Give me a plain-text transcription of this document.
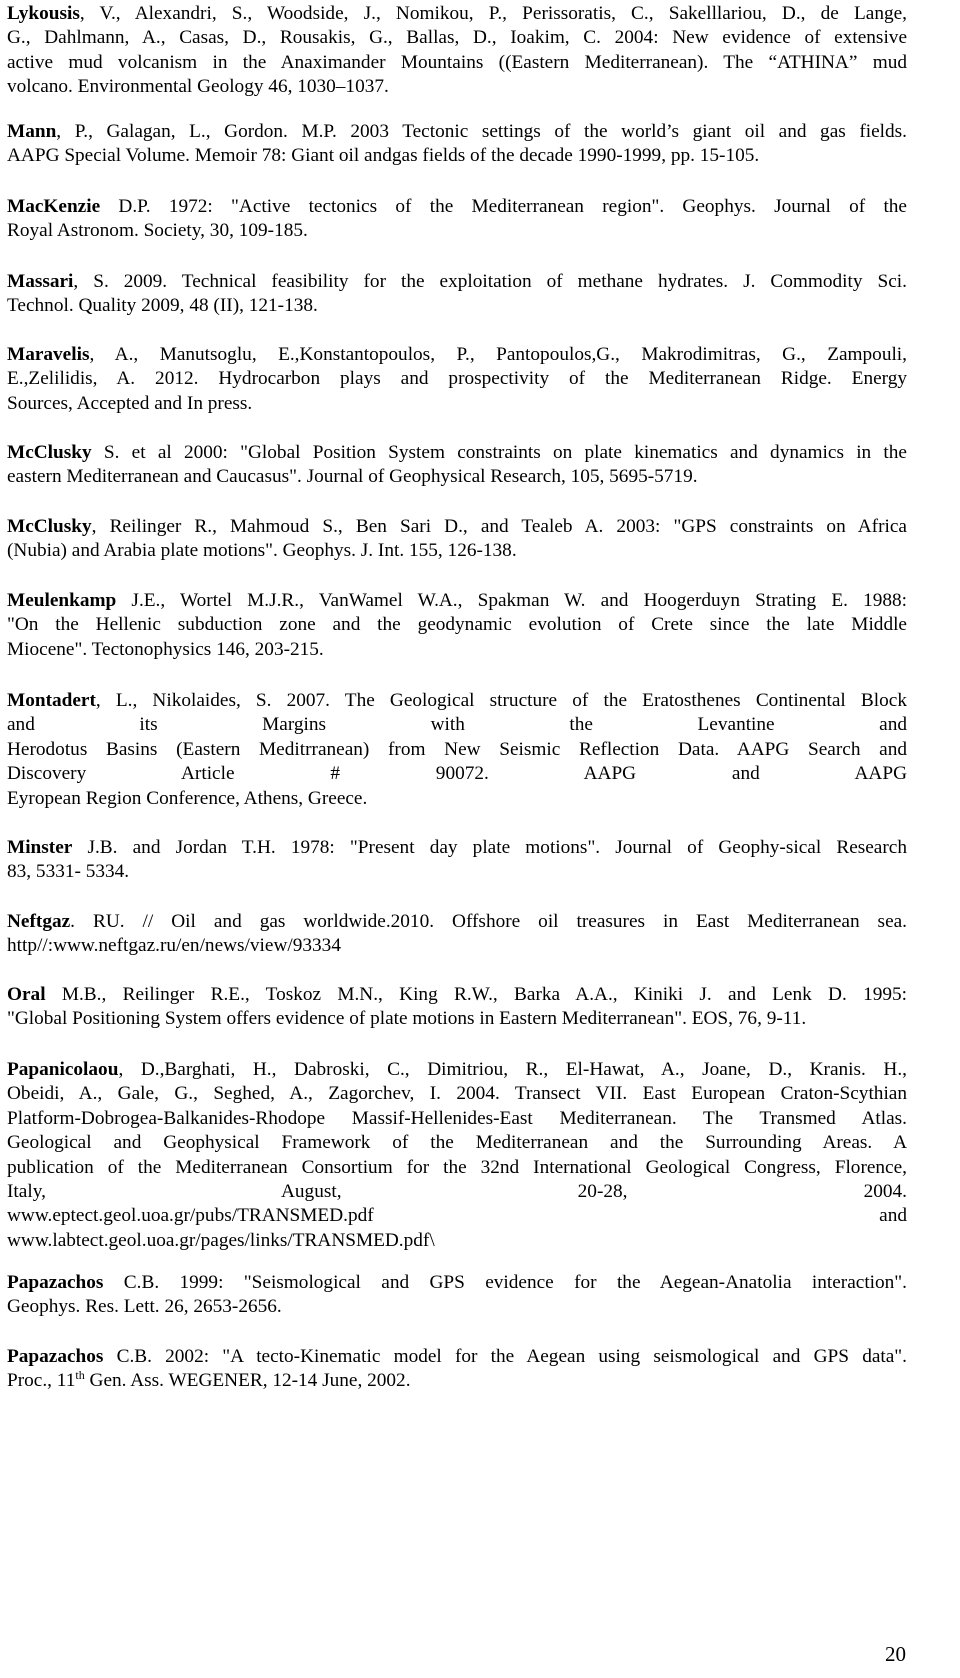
Lykousis, V., Alexandri, S., Woodside, J., Nomikou, P., Perissoratis, C., Sakelllariou, D., de Lange,
G., Dahlmann, A., Casas, D., Rousakis, G., Ballas, D., Ioakim, C. 2004: New evidence of extensive
active mud volcanism in the Anaximander Mountains ((Eastern Mediterranean). The “ATHINA” mud
volcano. Environmental Geology 46, 1030–1037.

Mann, P., Galagan, L., Gordon. M.P. 2003 Tectonic settings of the world’s giant oil and gas fields.
AAPG Special Volume. Memoir 78: Giant oil andgas fields of the decade 1990-1999, pp. 15-105.

MacKenzie D.P. 1972: "Active tectonics of the Mediterranean region". Geophys. Journal of the
Royal Astronom. Society, 30, 109-185.

Massari, S. 2009. Technical feasibility for the exploitation of methane hydrates. J. Commodity Sci.
Technol. Quality 2009, 48 (II), 121-138.

Maravelis, A., Manutsoglu, E.,Konstantopoulos, P., Pantopoulos,G., Makrodimitras, G., Zampouli,
E.,Zelilidis, A. 2012. Hydrocarbon plays and prospectivity of the Mediterranean Ridge. Energy
Sources, Accepted and In press.

McClusky S. et al 2000: "Global Position System constraints on plate kinematics and dynamics in the
eastern Mediterranean and Caucasus". Journal of Geophysical Research, 105, 5695-5719.

McClusky, Reilinger R., Mahmoud S., Ben Sari D., and Tealeb A. 2003: "GPS constraints on Africa
(Nubia) and Arabia plate motions". Geophys. J. Int. 155, 126-138.

Meulenkamp J.E., Wortel M.J.R., VanWamel W.A., Spakman W. and Hoogerduyn Strating E. 1988:
"On the Hellenic subduction zone and the geodynamic evolution of Crete since the late Middle
Miocene". Tectonophysics 146, 203-215.

Montadert, L., Nikolaides, S. 2007. The Geological structure of the Eratosthenes Continental Block
and its Margins with the Levantine and
Herodotus Basins (Eastern Meditrranean) from New Seismic Reflection Data. AAPG Search and
Discovery Article # 90072. AAPG and AAPG
Eyropean Region Conference, Athens, Greece.

Minster J.B. and Jordan T.H. 1978: "Present day plate motions". Journal of Geophy-sical Research
83, 5331- 5334.

Neftgaz. RU. // Oil and gas worldwide.2010. Offshore oil treasures in East Mediterranean sea.
http//:www.neftgaz.ru/en/news/view/93334

Oral M.B., Reilinger R.E., Toskoz M.N., King R.W., Barka A.A., Kiniki J. and Lenk D. 1995:
"Global Positioning System offers evidence of plate motions in Eastern Mediterranean". EOS, 76, 9-11.

Papanicolaou, D.,Barghati, H., Dabroski, C., Dimitriou, R., El-Hawat, A., Joane, D., Kranis. H.,
Obeidi, A., Gale, G., Seghed, A., Zagorchev, I. 2004. Transect VII. East European Craton-Scythian
Platform-Dobrogea-Balkanides-Rhodope Massif-Hellenides-East Mediterranean. The Transmed Atlas.
Geological and Geophysical Framework of the Mediterranean and the Surrounding Areas. A
publication of the Mediterranean Consortium for the 32nd International Geological Congress, Florence,
Italy, August, 20-28, 2004.
www.eptect.geol.uoa.gr/pubs/TRANSMED.pdf and
www.labtect.geol.uoa.gr/pages/links/TRANSMED.pdf\

Papazachos C.B. 1999: "Seismological and GPS evidence for the Aegean-Anatolia interaction".
Geophys. Res. Lett. 26, 2653-2656.

Papazachos C.B. 2002: "A tecto-Kinematic model for the Aegean using seismological and GPS data".
Proc., 11th Gen. Ass. WEGENER, 12-14 June, 2002.

20
